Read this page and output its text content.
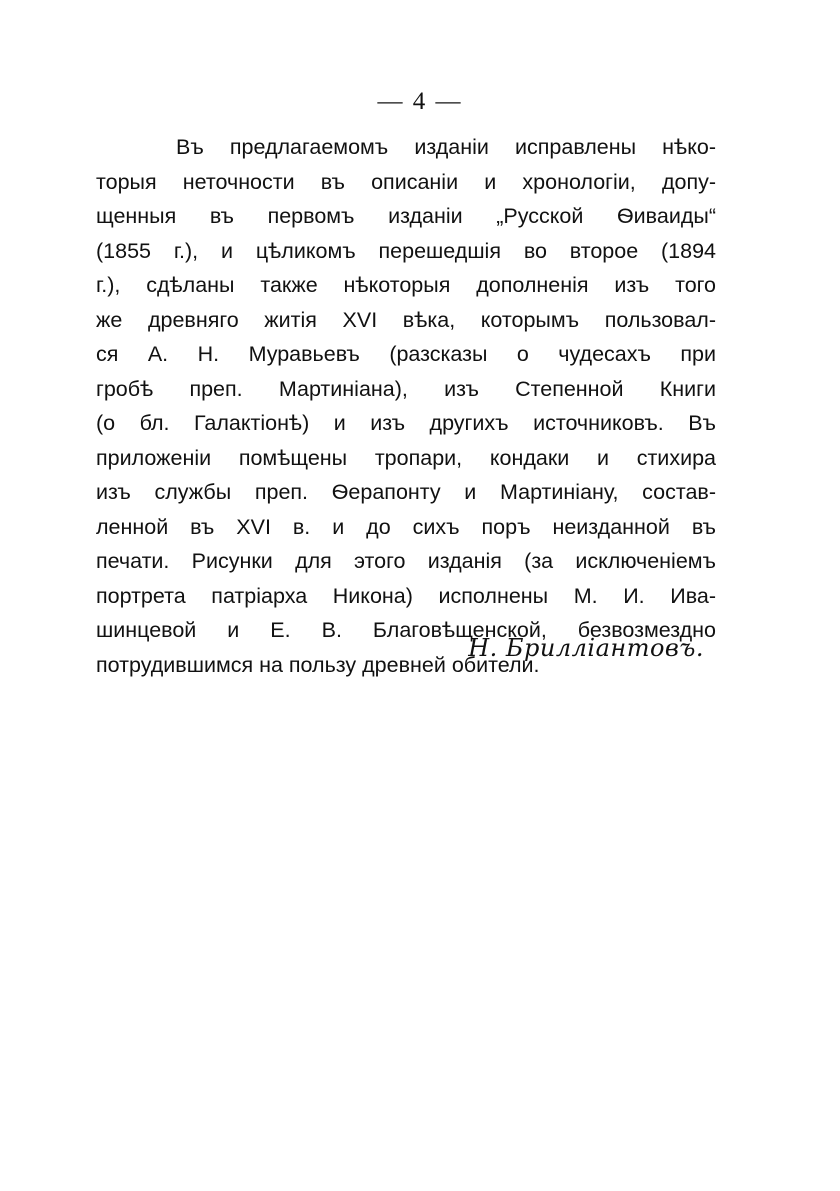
— 4 —
Въ предлагаемомъ изданіи исправлены нѣко-
торыя неточности въ описаніи и хронологіи, допу-
щенныя въ первомъ изданіи „Русской Ѳиваиды“
(1855 г.), и цѣликомъ перешедшія во второе (1894
г.), сдѣланы также нѣкоторыя дополненія изъ того
же древняго житія XVI вѣка, которымъ пользовал-
ся А. Н. Муравьевъ (разсказы о чудесахъ при
гробѣ преп. Мартиніана), изъ Степенной Книги
(о бл. Галактіонѣ) и изъ другихъ источниковъ. Въ
приложеніи помѣщены тропари, кондаки и стихира
изъ службы преп. Ѳерапонту и Мартиніану, состав-
ленной въ XVI в. и до сихъ поръ неизданной въ
печати. Рисунки для этого изданія (за исключеніемъ
портрета патріарха Никона) исполнены М. И. Ива-
шинцевой и Е. В. Благовѣщенской, безвозмездно
потрудившимся на пользу древней обители.
Н. Бриллiантовъ.
